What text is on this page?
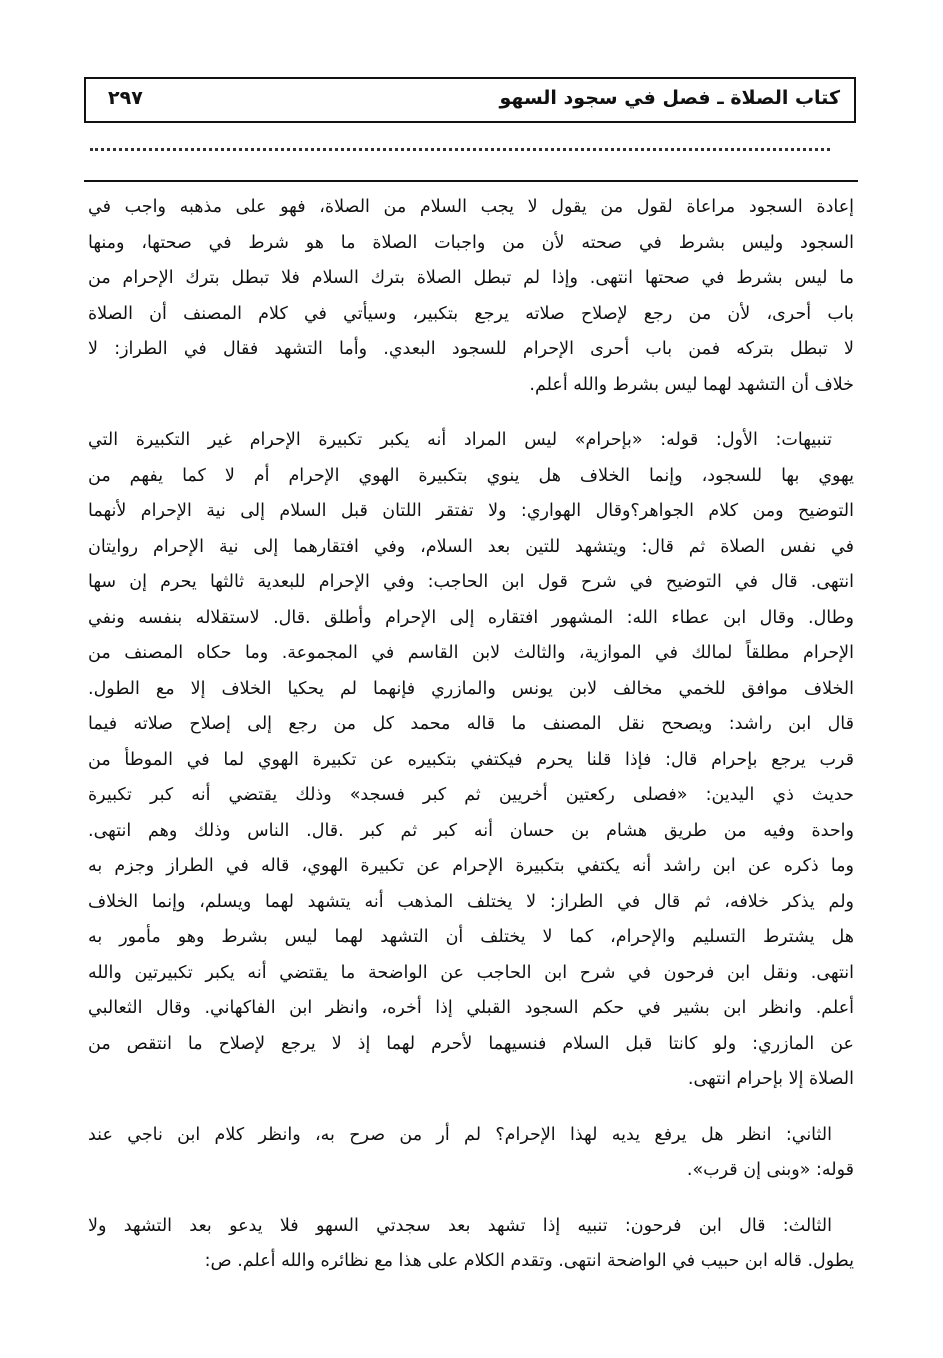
كتاب الصلاة ـ فصل في سجود السهو
٢٩٧
إعادة السجود مراعاة لقول من يقول لا يجب السلام من الصلاة، فهو على مذهبه واجب في
السجود وليس بشرط في صحته لأن من واجبات الصلاة ما هو شرط في صحتها، ومنها
ما ليس بشرط في صحتها انتهى. وإذا لم تبطل الصلاة بترك السلام فلا تبطل بترك الإحرام من
باب أحرى، لأن من رجع لإصلاح صلاته يرجع بتكبير، وسيأتي في كلام المصنف أن الصلاة
لا تبطل بتركه فمن باب أحرى الإحرام للسجود البعدي. وأما التشهد فقال في الطراز: لا
خلاف أن التشهد لهما ليس بشرط والله أعلم.
تنبيهات: الأول: قوله: «بإحرام» ليس المراد أنه يكبر تكبيرة الإحرام غير التكبيرة التي
يهوي بها للسجود، وإنما الخلاف هل ينوي بتكبيرة الهوي الإحرام أم لا كما يفهم من
التوضيح ومن كلام الجواهر؟وقال الهواري: ولا تفتقر اللتان قبل السلام إلى نية الإحرام لأنهما
في نفس الصلاة ثم قال: ويتشهد للتين بعد السلام، وفي افتقارهما إلى نية الإحرام روايتان
انتهى. قال في التوضيح في شرح قول ابن الحاجب: وفي الإحرام للبعدية ثالثها يحرم إن سها
وطال. وقال ابن عطاء الله: المشهور افتقاره إلى الإحرام وأطلق .قال. لاستقلاله بنفسه ونفي
الإحرام مطلقاً لمالك في الموازية، والثالث لابن القاسم في المجموعة. وما حكاه المصنف من
الخلاف موافق للخمي مخالف لابن يونس والمازري فإنهما لم يحكيا الخلاف إلا مع الطول.
قال ابن راشد: ويصحح نقل المصنف ما قاله محمد كل من رجع إلى إصلاح صلاته فيما
قرب يرجع بإحرام قال: فإذا قلنا يحرم فيكتفي بتكبيره عن تكبيرة الهوي لما في الموطأ من
حديث ذي اليدين: «فصلى ركعتين أخريين ثم كبر فسجد» وذلك يقتضي أنه كبر تكبيرة
واحدة وفيه من طريق هشام بن حسان أنه كبر ثم كبر .قال. الناس وذلك وهم انتهى.
وما ذكره عن ابن راشد أنه يكتفي بتكبيرة الإحرام عن تكبيرة الهوي، قاله في الطراز وجزم به
ولم يذكر خلافه، ثم قال في الطراز: لا يختلف المذهب أنه يتشهد لهما ويسلم، وإنما الخلاف
هل يشترط التسليم والإحرام، كما لا يختلف أن التشهد لهما ليس بشرط وهو مأمور به
انتهى. ونقل ابن فرحون في شرح ابن الحاجب عن الواضحة ما يقتضي أنه يكبر تكبيرتين والله
أعلم. وانظر ابن بشير في حكم السجود القبلي إذا أخره، وانظر ابن الفاكهاني. وقال الثعالبي
عن المازري: ولو كانتا قبل السلام فنسيهما لأحرم لهما إذ لا يرجع لإصلاح ما انتقص من
الصلاة إلا بإحرام انتهى.
الثاني: انظر هل يرفع يديه لهذا الإحرام؟ لم أر من صرح به، وانظر كلام ابن ناجي عند
قوله: «وبنى إن قرب».
الثالث: قال ابن فرحون: تنبيه إذا تشهد بعد سجدتي السهو فلا يدعو بعد التشهد ولا
يطول. قاله ابن حبيب في الواضحة انتهى. وتقدم الكلام على هذا مع نظائره والله أعلم. ص:
